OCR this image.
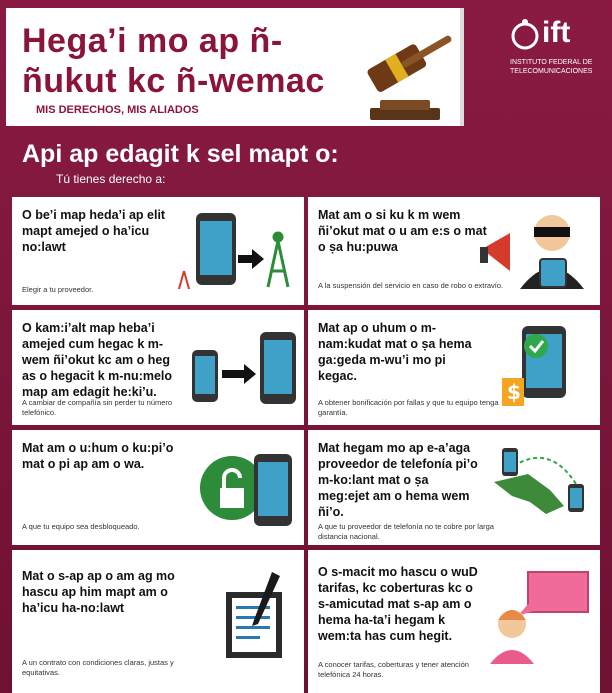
Hega’i mo ap ñ-
ñukut kc ñ-wemac
MIS DERECHOS, MIS ALIADOS
ift
INSTITUTO FEDERAL DE
TELECOMUNICACIONES
Api ap edagit k sel mapt o:
Tú tienes derecho a:
O be’i map heda’i ap elit mapt amejed o ha’icu no:lawt
Elegir a tu proveedor.
Mat am o si ku k m wem ñi’okut mat o u am e:s o mat o ṣa hu:puwa
A la suspensión del servicio en caso de robo o extravío.
O kam:i’alt map heba’i amejed cum hegac k m-wem ñi’okut kc am o heg as o hegacit k m-nu:melo map am edagit he:ki’u.
A cambiar de compañía sin perder tu número telefónico.
Mat ap o uhum o m-nam:kudat mat o ṣa hema ga:geda m-wu’i mo pi kegac.
A obtener bonificación por fallas y que tu equipo tenga garantía.
$
Mat am o u:hum o ku:pi’o mat o pi ap am o wa.
A que tu equipo sea desbloqueado.
Mat hegam mo ap e-a’aga proveedor de telefonía pi’o m-ko:lant mat o ṣa meg:ejet am o hema wem ñi’o.
A que tu proveedor de telefonía no te cobre por larga distancia nacional.
Mat o s-ap ap o am ag mo hascu ap him mapt am o ha’icu ha-no:lawt
A un contrato con condiciones claras, justas y equitativas.
O s-macit mo hascu o wuD tarifas, kc coberturas kc o s-amicutad mat s-ap am o hema ha-ta’i hegam k wem:ta has cum hegit.
A conocer tarifas, coberturas y tener atención telefónica 24 horas.
